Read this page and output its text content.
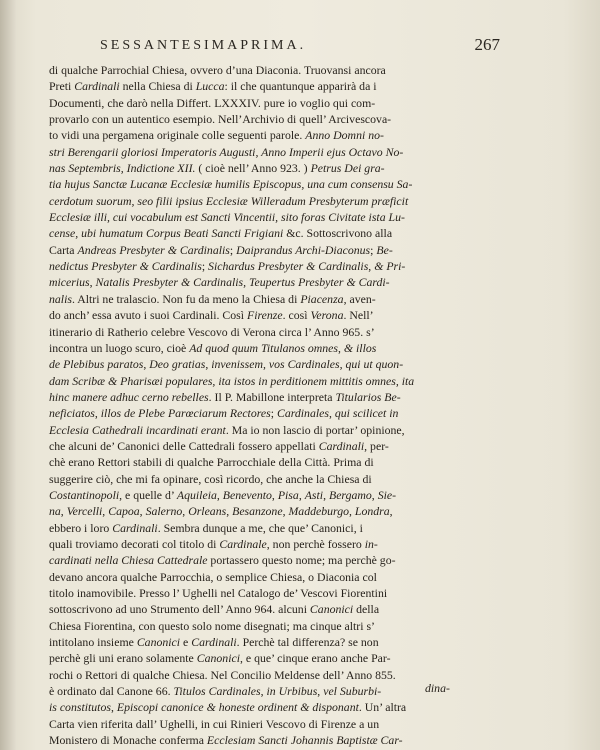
SESSANTESIMAPRIMA.	267
di qualche Parrochial Chiesa, ovvero d’una Diaconia. Truovansi ancora
Preti Cardinali nella Chiesa di Lucca: il che quantunque apparirà da i
Documenti, che darò nella Differt. LXXXIV. pure io voglio qui com-
provarlo con un autentico esempio. Nell’Archivio di quell’ Arcivescova-
to vidi una pergamena originale colle seguenti parole. Anno Domni no-
stri Berengarii gloriosi Imperatoris Augusti, Anno Imperii ejus Octavo No-
nas Septembris, Indictione XII. ( cioè nell’ Anno 923. ) Petrus Dei gra-
tia hujus Sanctæ Lucanæ Ecclesiæ humilis Episcopus, una cum consensu Sa-
cerdotum suorum, seo filii ipsius Ecclesiæ Willeradum Presbyterum præficit
Ecclesiæ illi, cui vocabulum est Sancti Vincentii, sito foras Civitate ista Lu-
cense, ubi humatum Corpus Beati Sancti Frigiani &c. Sottoscrivono alla
Carta Andreas Presbyter & Cardinalis; Daiprandus Archi-Diaconus; Be-
nedictus Presbyter & Cardinalis; Sichardus Presbyter & Cardinalis, & Pri-
micerius, Natalis Presbyter & Cardinalis, Teupertus Presbyter & Cardi-
nalis. Altri ne tralascio. Non fu da meno la Chiesa di Piacenza, aven-
do anch’ essa avuto i suoi Cardinali. Così Firenze. così Verona. Nell’
itinerario di Ratherio celebre Vescovo di Verona circa l’ Anno 965. s’
incontra un luogo scuro, cioè Ad quod quum Titulanos omnes, & illos
de Plebibus paratos, Deo gratias, invenissem, vos Cardinales, qui ut quon-
dam Scribæ & Pharisæi populares, ita istos in perditionem mittitis omnes, ita
hinc manere adhuc cerno rebelles. Il P. Mabillone interpreta Titularios Be-
neficiatos, illos de Plebe Parœciarum Rectores; Cardinales, qui scilicet in
Ecclesia Cathedrali incardinati erant. Ma io non lascio di portar’ opinione,
che alcuni de’ Canonici delle Cattedrali fossero appellati Cardinali, per-
chè erano Rettori stabili di qualche Parrocchiale della Città. Prima di
suggerire ciò, che mi fa opinare, così ricordo, che anche la Chiesa di
Costantinopoli, e quelle d’ Aquileia, Benevento, Pisa, Asti, Bergamo, Sie-
na, Vercelli, Capoa, Salerno, Orleans, Besanzone, Maddeburgo, Londra,
ebbero i loro Cardinali. Sembra dunque a me, che que’ Canonici, i
quali troviamo decorati col titolo di Cardinale, non perchè fossero in-
cardinati nella Chiesa Cattedrale portassero questo nome; ma perchè go-
devano ancora qualche Parrocchia, o semplice Chiesa, o Diaconia col
titolo inamovibile. Presso l’ Ughelli nel Catalogo de’ Vescovi Fiorentini
sottoscrivono ad uno Strumento dell’ Anno 964. alcuni Canonici della
Chiesa Fiorentina, con questo solo nome disegnati; ma cinque altri s’
intitolano insieme Canonici e Cardinali. Perchè tal differenza? se non
perchè gli uni erano solamente Canonici, e que’ cinque erano anche Par-
rochi o Rettori di qualche Chiesa. Nel Concilio Meldense dell’ Anno 855.
è ordinato dal Canone 66. Titulos Cardinales, in Urbibus, vel Suburbi-
is constitutos, Episcopi canonice & honeste ordinent & disponant. Un’ altra
Carta vien riferita dall’ Ughelli, in cui Rinieri Vescovo di Firenze a un
Monistero di Monache conferma Ecclesiam Sancti Johannis Baptistæ Car-
dina-
